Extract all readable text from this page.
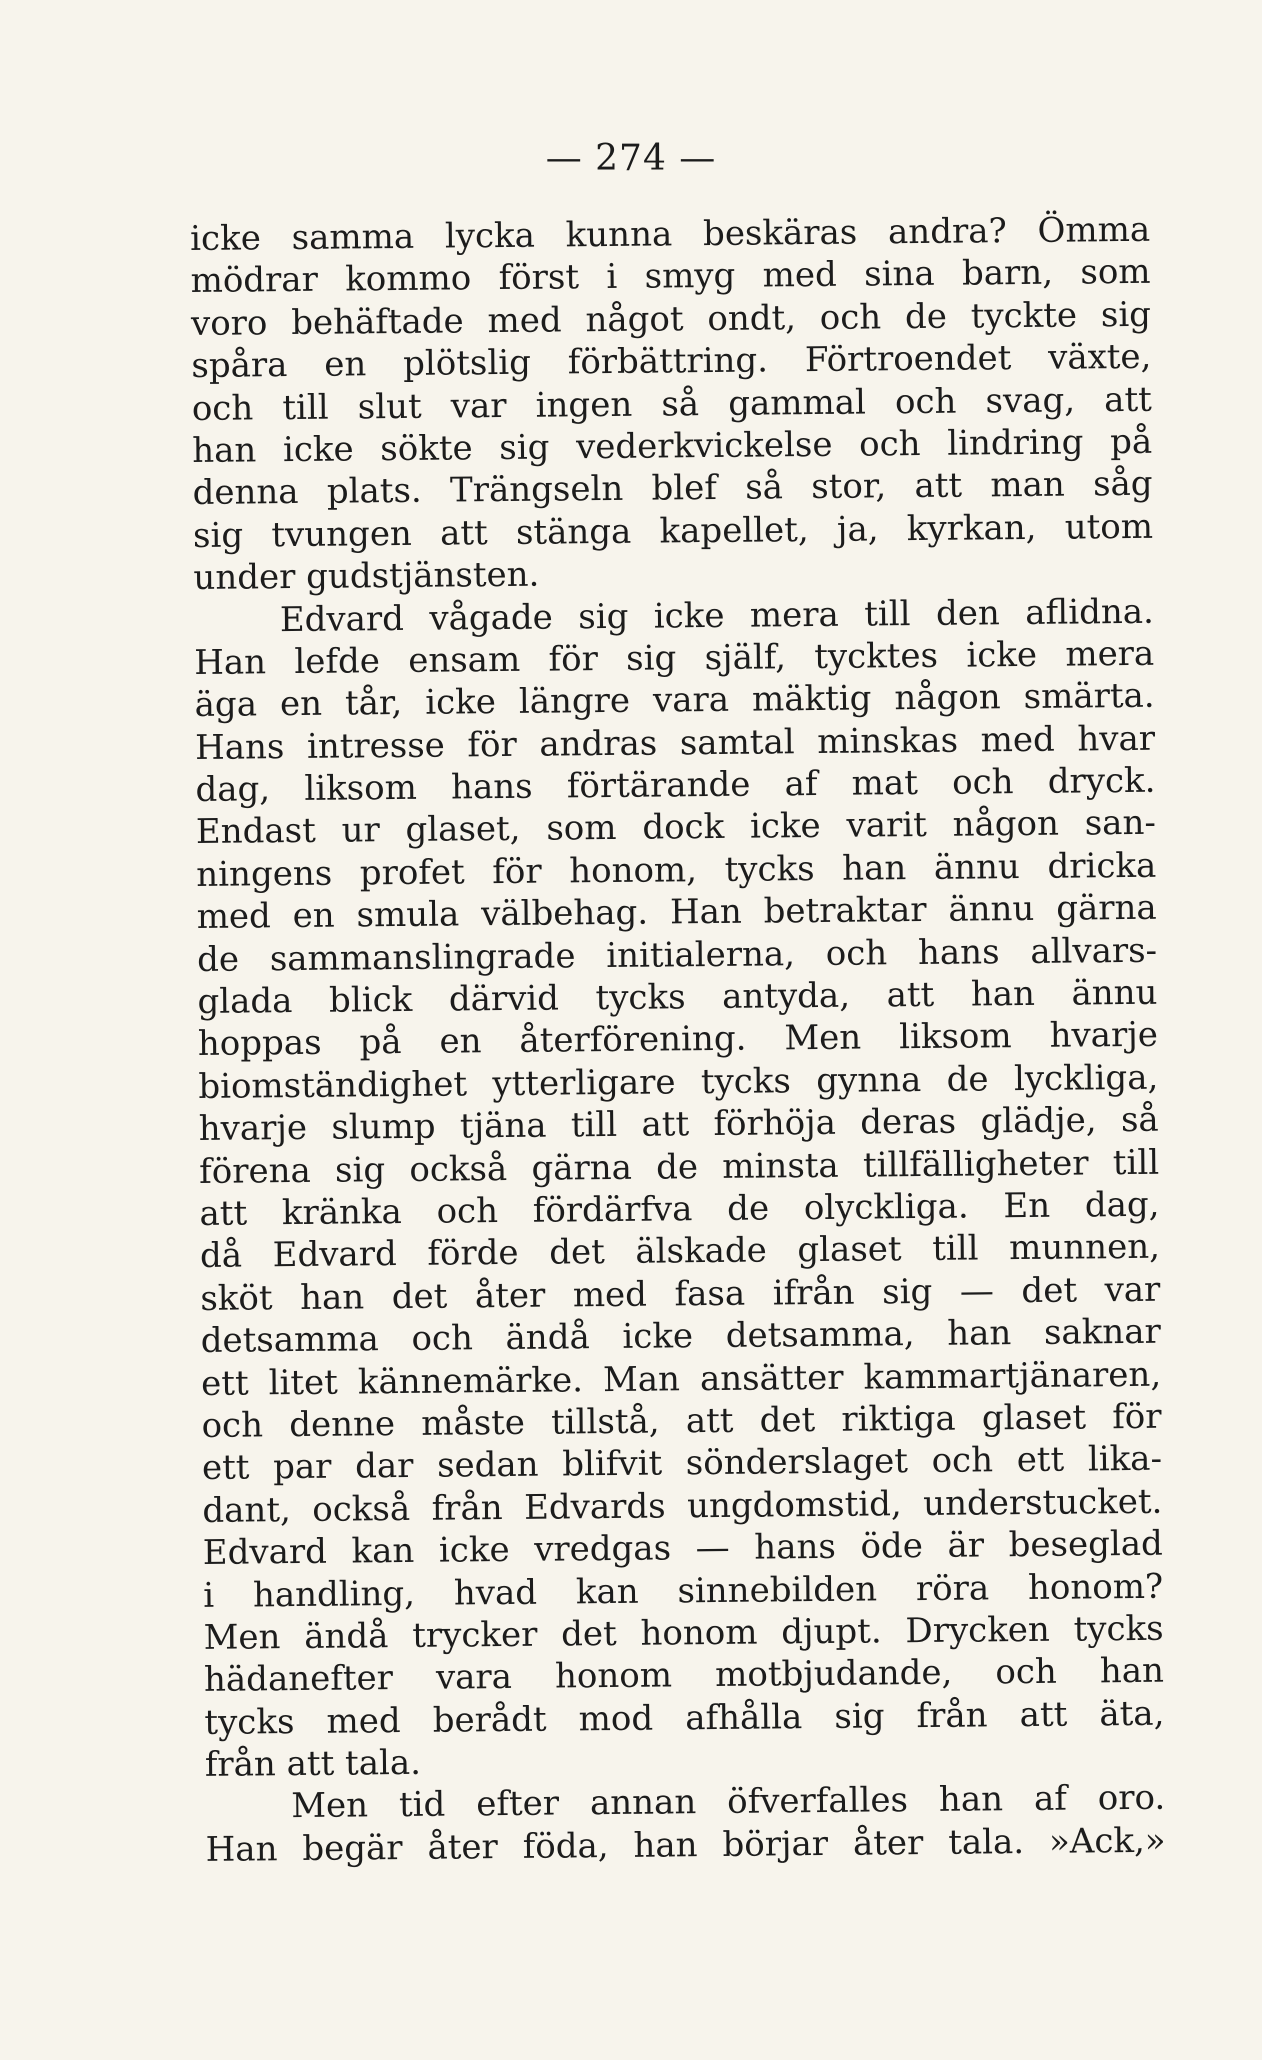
— 274 —
icke samma lycka kunna beskäras andra? Ömma
mödrar kommo först i smyg med sina barn, som
voro behäftade med något ondt, och de tyckte sig
spåra en plötslig förbättring. Förtroendet växte,
och till slut var ingen så gammal och svag, att
han icke sökte sig vederkvickelse och lindring på
denna plats. Trängseln blef så stor, att man såg
sig tvungen att stänga kapellet, ja, kyrkan, utom
under gudstjänsten.
Edvard vågade sig icke mera till den aflidna.
Han lefde ensam för sig själf, tycktes icke mera
äga en tår, icke längre vara mäktig någon smärta.
Hans intresse för andras samtal minskas med hvar
dag, liksom hans förtärande af mat och dryck.
Endast ur glaset, som dock icke varit någon san-
ningens profet för honom, tycks han ännu dricka
med en smula välbehag. Han betraktar ännu gärna
de sammanslingrade initialerna, och hans allvars-
glada blick därvid tycks antyda, att han ännu
hoppas på en återförening. Men liksom hvarje
biomständighet ytterligare tycks gynna de lyckliga,
hvarje slump tjäna till att förhöja deras glädje, så
förena sig också gärna de minsta tillfälligheter till
att kränka och fördärfva de olyckliga. En dag,
då Edvard förde det älskade glaset till munnen,
sköt han det åter med fasa ifrån sig — det var
detsamma och ändå icke detsamma, han saknar
ett litet kännemärke. Man ansätter kammartjänaren,
och denne måste tillstå, att det riktiga glaset för
ett par dar sedan blifvit sönderslaget och ett lika-
dant, också från Edvards ungdomstid, understucket.
Edvard kan icke vredgas — hans öde är beseglad
i handling, hvad kan sinnebilden röra honom?
Men ändå trycker det honom djupt. Drycken tycks
hädanefter vara honom motbjudande, och han
tycks med berådt mod afhålla sig från att äta,
från att tala.
Men tid efter annan öfverfalles han af oro.
Han begär åter föda, han börjar åter tala. »Ack,»
